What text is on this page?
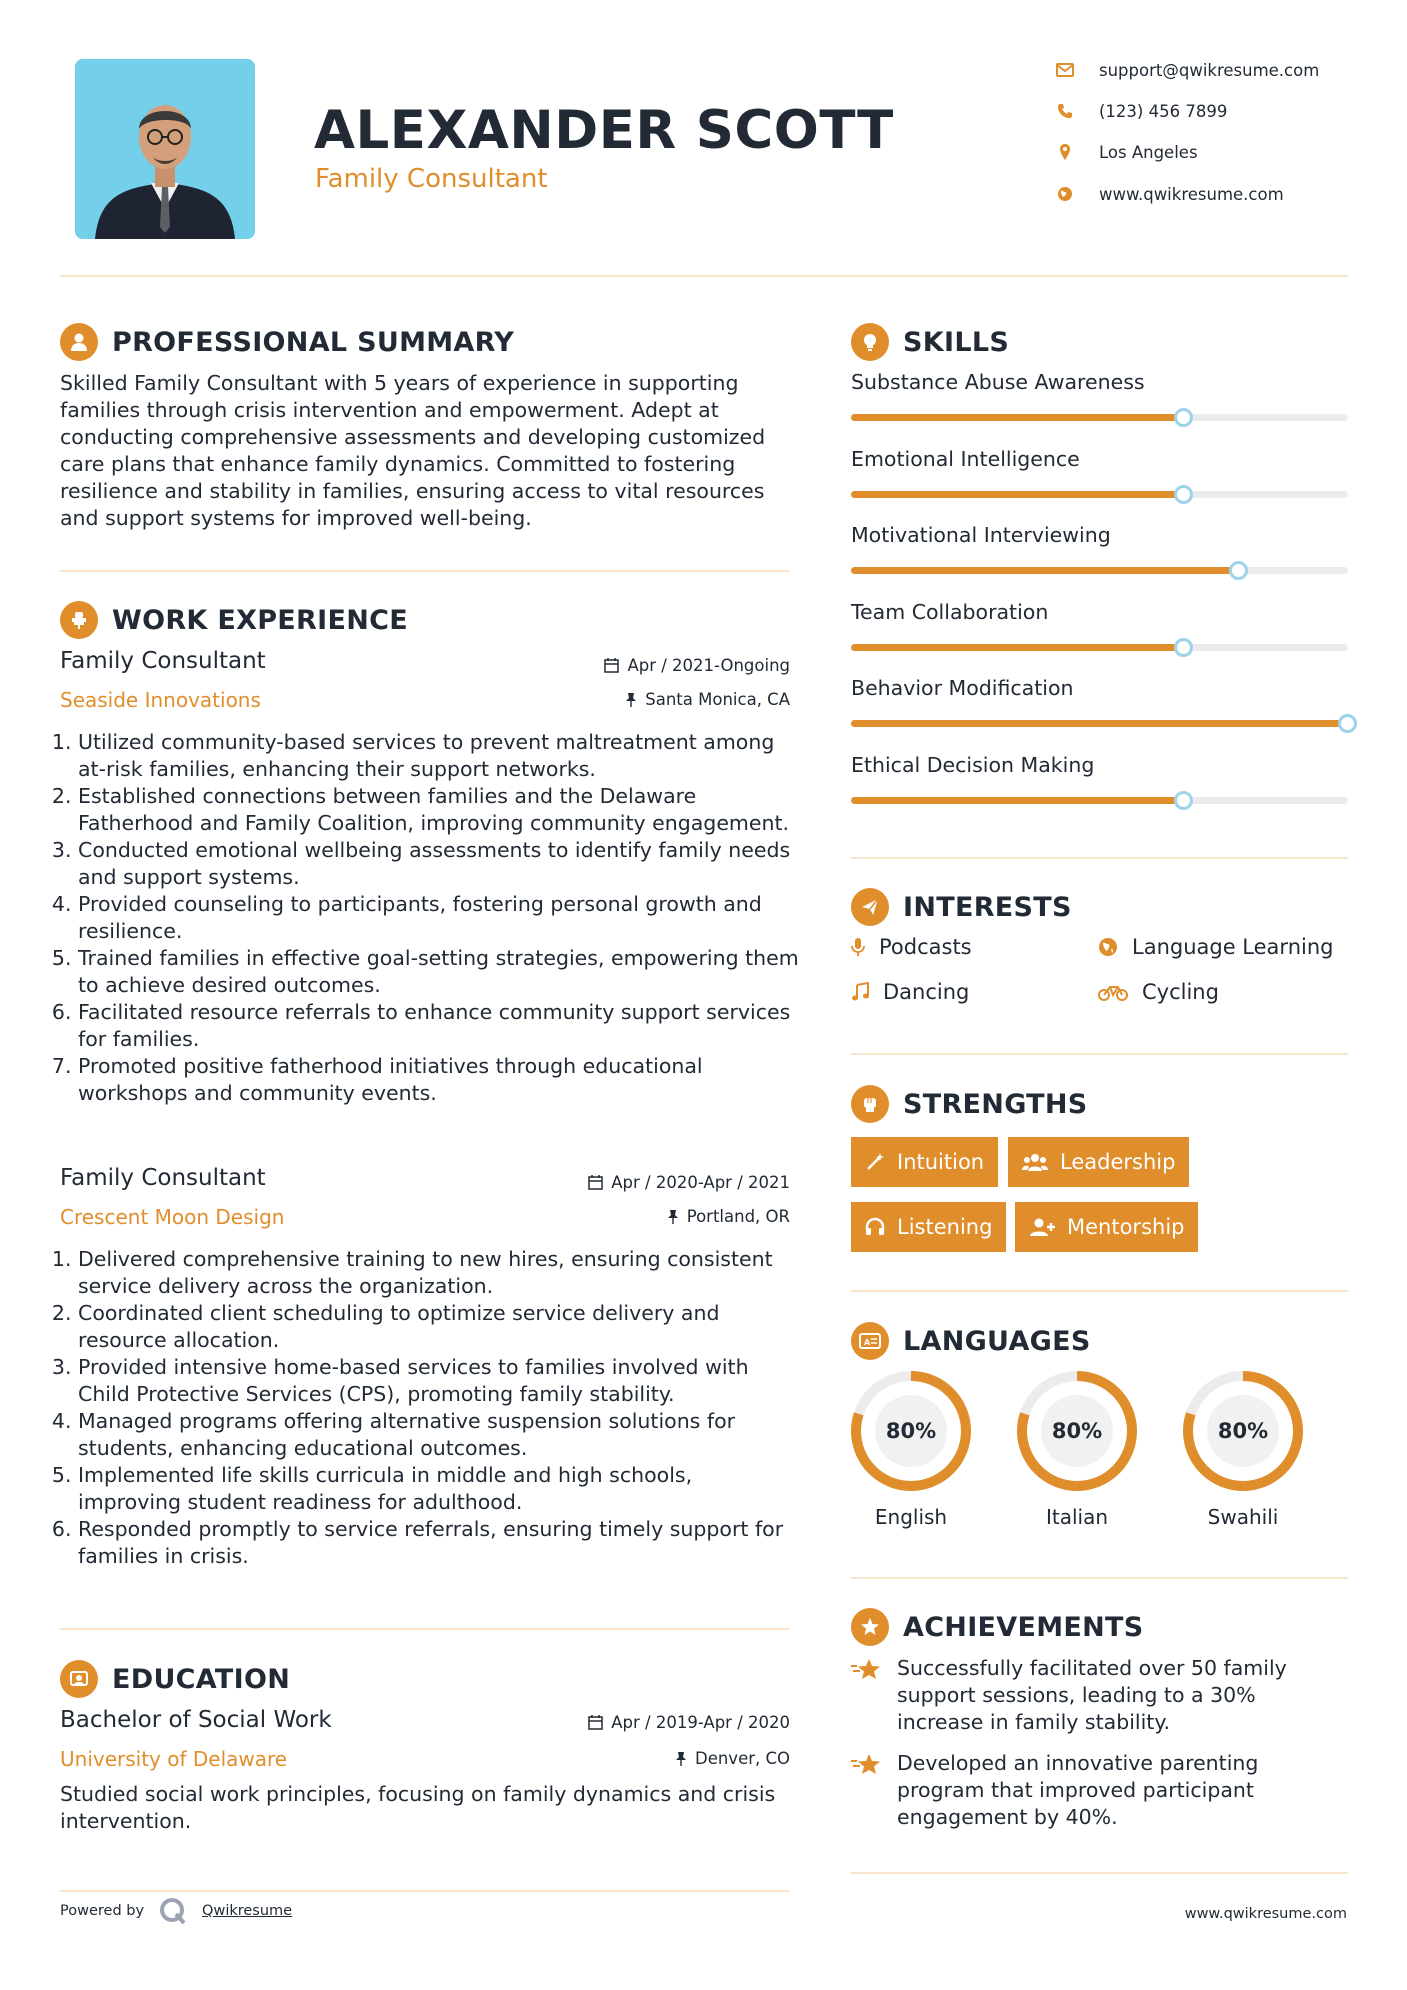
ALEXANDER SCOTT
Family Consultant
support@qwikresume.com
(123) 456 7899
Los Angeles
www.qwikresume.com
PROFESSIONAL SUMMARY
Skilled Family Consultant with 5 years of experience in supporting families through crisis intervention and empowerment. Adept at conducting comprehensive assessments and developing customized care plans that enhance family dynamics. Committed to fostering resilience and stability in families, ensuring access to vital resources and support systems for improved well-being.
WORK EXPERIENCE
Family Consultant	Apr / 2021-Ongoing
Seaside Innovations	Santa Monica, CA
1. Utilized community-based services to prevent maltreatment among at-risk families, enhancing their support networks.
2. Established connections between families and the Delaware Fatherhood and Family Coalition, improving community engagement.
3. Conducted emotional wellbeing assessments to identify family needs and support systems.
4. Provided counseling to participants, fostering personal growth and resilience.
5. Trained families in effective goal-setting strategies, empowering them to achieve desired outcomes.
6. Facilitated resource referrals to enhance community support services for families.
7. Promoted positive fatherhood initiatives through educational workshops and community events.
Family Consultant	Apr / 2020-Apr / 2021
Crescent Moon Design	Portland, OR
1. Delivered comprehensive training to new hires, ensuring consistent service delivery across the organization.
2. Coordinated client scheduling to optimize service delivery and resource allocation.
3. Provided intensive home-based services to families involved with Child Protective Services (CPS), promoting family stability.
4. Managed programs offering alternative suspension solutions for students, enhancing educational outcomes.
5. Implemented life skills curricula in middle and high schools, improving student readiness for adulthood.
6. Responded promptly to service referrals, ensuring timely support for families in crisis.
EDUCATION
Bachelor of Social Work	Apr / 2019-Apr / 2020
University of Delaware	Denver, CO
Studied social work principles, focusing on family dynamics and crisis intervention.
SKILLS
Substance Abuse Awareness
Emotional Intelligence
Motivational Interviewing
Team Collaboration
Behavior Modification
Ethical Decision Making
INTERESTS
Podcasts	Language Learning
Dancing	Cycling
STRENGTHS
Intuition	Leadership
Listening	Mentorship
A LANGUAGES
80%
English
80%
Italian
80%
Swahili
ACHIEVEMENTS
Successfully facilitated over 50 family support sessions, leading to a 30% increase in family stability.
Developed an innovative parenting program that improved participant engagement by 40%.
Powered by	Qwikresume	www.qwikresume.com
